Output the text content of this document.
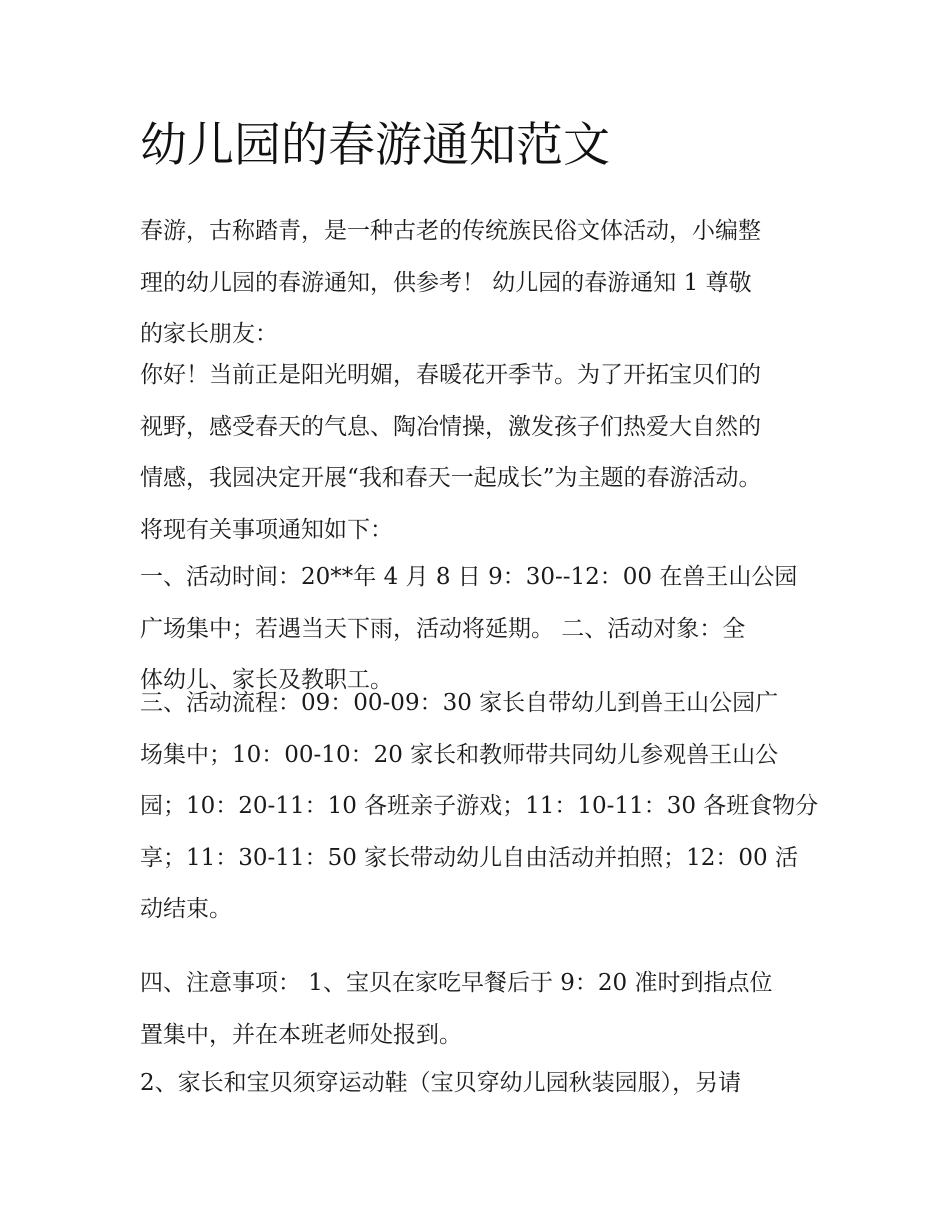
幼儿园的春游通知范文
春游，古称踏青，是一种古老的传统族民俗文体活动，小编整
理的幼儿园的春游通知，供参考！ 幼儿园的春游通知 1 尊敬
的家长朋友：
你好！当前正是阳光明媚，春暖花开季节。为了开拓宝贝们的
视野，感受春天的气息、陶冶情操，激发孩子们热爱大自然的
情感，我园决定开展“我和春天一起成长”为主题的春游活动。
将现有关事项通知如下：
一、活动时间：20**年 4 月 8 日 9：30--12：00 在兽王山公园
广场集中；若遇当天下雨，活动将延期。 二、活动对象：全
体幼儿、家长及教职工。
三、活动流程：09：00-09：30 家长自带幼儿到兽王山公园广
场集中；10：00-10：20 家长和教师带共同幼儿参观兽王山公
园；10：20-11：10 各班亲子游戏；11：10-11：30 各班食物分
享；11：30-11：50 家长带动幼儿自由活动并拍照；12：00 活
动结束。
四、注意事项： 1、宝贝在家吃早餐后于 9：20 准时到指点位
置集中，并在本班老师处报到。
2、家长和宝贝须穿运动鞋（宝贝穿幼儿园秋装园服），另请
